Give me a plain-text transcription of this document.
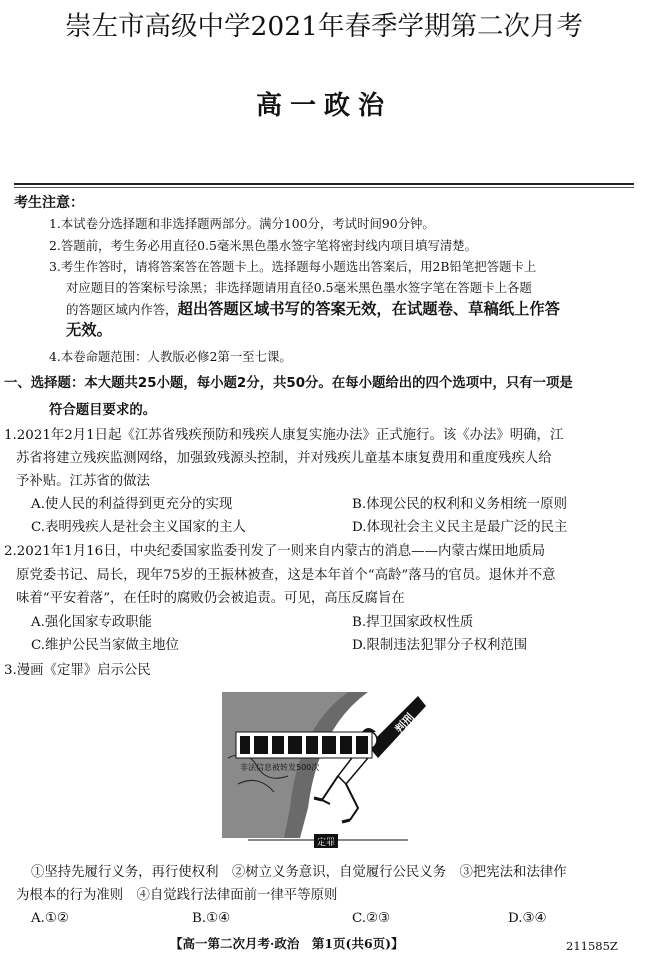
崇左市高级中学2021年春季学期第二次月考
高一政治
考生注意：
1.本试卷分选择题和非选择题两部分。满分100分，考试时间90分钟。
2.答题前，考生务必用直径0.5毫米黑色墨水签字笔将密封线内项目填写清楚。
3.考生作答时，请将答案答在答题卡上。选择题每小题选出答案后，用2B铅笔把答题卡上
对应题目的答案标号涂黑；非选择题请用直径0.5毫米黑色墨水签字笔在答题卡上各题
的答题区域内作答，超出答题区域书写的答案无效，在试题卷、草稿纸上作答
无效。
4.本卷命题范围：人教版必修2第一至七课。
一、选择题：本大题共25小题，每小题2分，共50分。在每小题给出的四个选项中，只有一项是
符合题目要求的。
1.2021年2月1日起《江苏省残疾预防和残疾人康复实施办法》正式施行。该《办法》明确，江
苏省将建立残疾监测网络，加强致残源头控制，并对残疾儿童基本康复费用和重度残疾人给
予补贴。江苏省的做法
A.使人民的利益得到更充分的实现	B.体现公民的权利和义务相统一原则
C.表明残疾人是社会主义国家的主人	D.体现社会主义民主是最广泛的民主
2.2021年1月16日，中央纪委国家监委刊发了一则来自内蒙古的消息——内蒙古煤田地质局
原党委书记、局长，现年75岁的王振林被查，这是本年首个“高龄”落马的官员。退休并不意
味着“平安着落”，在任时的腐败仍会被追责。可见，高压反腐旨在
A.强化国家专政职能	B.捍卫国家政权性质
C.维护公民当家做主地位	D.限制违法犯罪分子权利范围
3.漫画《定罪》启示公民
判刑
非法信息被转发500次
定罪
①坚持先履行义务，再行使权利　②树立义务意识，自觉履行公民义务　③把宪法和法律作
为根本的行为准则　④自觉践行法律面前一律平等原则
A.①②	B.①④	C.②③	D.③④
【高一第二次月考·政治　第1页(共6页)】	211585Z
